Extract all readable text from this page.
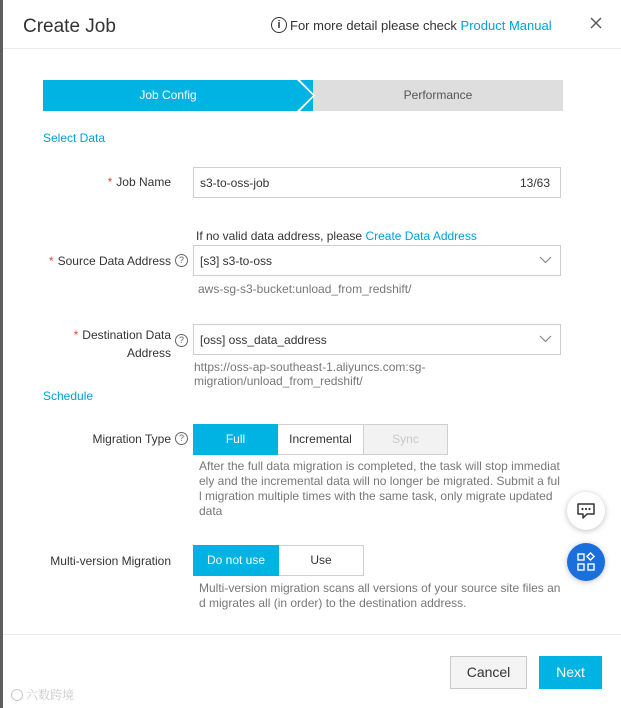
Create Job	i For more detail please check
Product Manual
Job Config	Performance
Select Data
* Job Name s3-to-oss-job	13/63
If no valid data address, please Create Data Address
* Source Data Address ?	[s3] s3-to-oss
aws-sg-s3-bucket:unload_from_redshift/
* Destination Data
Address
?	[oss] oss_data_address
https://oss-ap-southeast-1.aliyuncs.com:sg-
migration/unload_from_redshift/
Schedule
Migration Type ?	Full	Incremental	Sync
After the full data migration is completed, the task will stop immediat
ely and the incremental data will no longer be migrated. Submit a ful
l migration multiple times with the same task, only migrate updated
data
Multi-version Migration	Do not use	Use
Multi-version migration scans all versions of your source site files an
d migrates all (in order) to the destination address.
Cancel	Next
六数跨境
